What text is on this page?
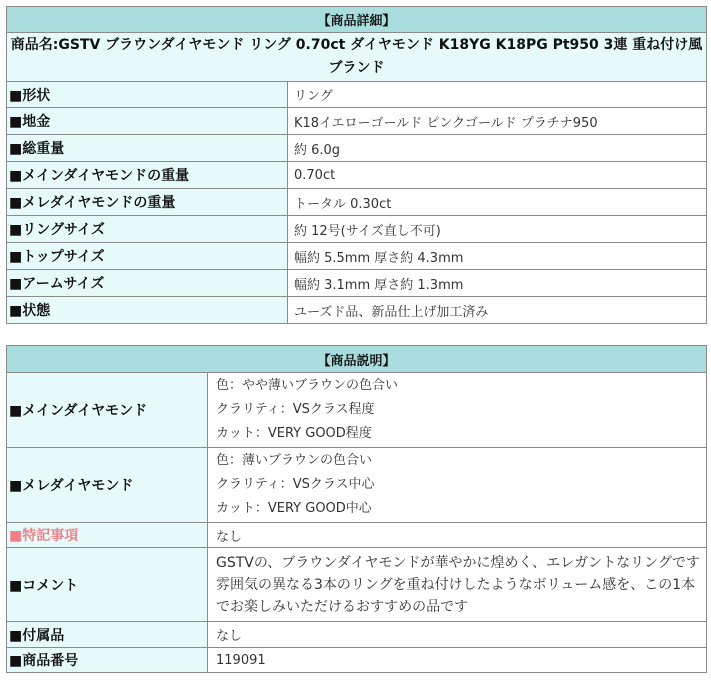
【商品詳細】	
商品名:GSTV ブラウンダイヤモンド リング 0.70ct ダイヤモンド K18YG K18PG Pt950 3連 重ね付け風 ブランド	
■形状	リング
■地金	K18イエローゴールド ピンクゴールド プラチナ950
■総重量	約 6.0g
■メインダイヤモンドの重量	0.70ct
■メレダイヤモンドの重量	トータル 0.30ct
■リングサイズ	約 12号(サイズ直し不可)
■トップサイズ	幅約 5.5mm 厚さ約 4.3mm
■アームサイズ	幅約 3.1mm 厚さ約 1.3mm
■状態	ユーズド品、新品仕上げ加工済み
【商品説明】	
■メインダイヤモンド	色：やや薄いブラウンの色合い
クラリティ：VSクラス程度
カット：VERY GOOD程度

■メレダイヤモンド	色：薄いブラウンの色合い
クラリティ：VSクラス中心
カット：VERY GOOD中心

■特記事項	なし
■コメント	GSTVの、ブラウンダイヤモンドが華やかに煌めく、エレガントなリングです雰囲気の異なる3本のリングを重ね付けしたようなボリューム感を、この1本でお楽しみいただけるおすすめの品です
■付属品	なし
■商品番号	119091
